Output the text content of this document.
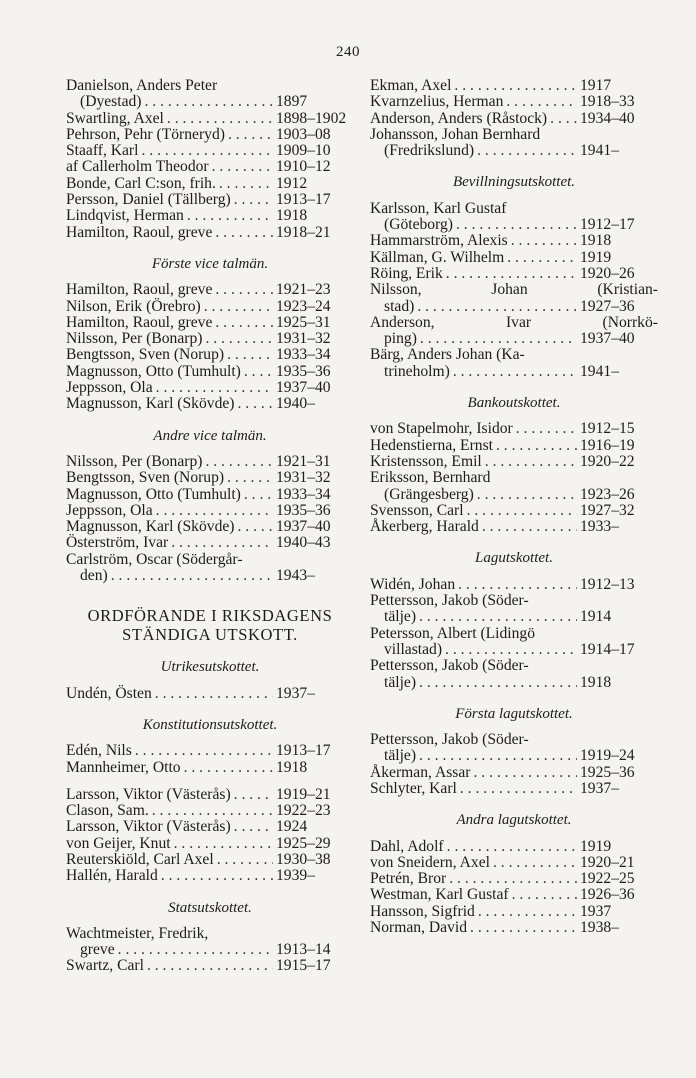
240
Danielson, Anders Peter
(Dyestad) . . .	1897
Swartling, Axel . . .	1898–1902
Pehrson, Pehr (Törneryd) . . .	1903–08
Staaff, Karl . . .	1909–10
af Callerholm Theodor . . .	1910–12
Bonde, Carl C:son, frih. . . .	1912
Persson, Daniel (Tällberg) . . .	1913–17
Lindqvist, Herman . . .	1918
Hamilton, Raoul, greve . . .	1918–21
Förste vice talmän.
Hamilton, Raoul, greve . . .	1921–23
Nilson, Erik (Örebro) . . .	1923–24
Hamilton, Raoul, greve . . .	1925–31
Nilsson, Per (Bonarp) . . .	1931–32
Bengtsson, Sven (Norup) . . .	1933–34
Magnusson, Otto (Tumhult) . . . 1935–36
Jeppsson, Ola . . .	1937–40
Magnusson, Karl (Skövde) . . .	1940–
Andre vice talmän.
Nilsson, Per (Bonarp) . . .	1921–31
Bengtsson, Sven (Norup) . . .	1931–32
Magnusson, Otto (Tumhult) . . . 1933–34
Jeppsson, Ola . . .	1935–36
Magnusson, Karl (Skövde) . . .	1937–40
Österström, Ivar . . .	1940–43
Carlström, Oscar (Södergår-
den) . . .	1943–
ORDFÖRANDE I RIKSDAGENS
STÄNDIGA UTSKOTT.
Utrikesutskottet.
Undén, Östen . . .	1937–
Konstitutionsutskottet.
Edén, Nils . . .	1913–17
Mannheimer, Otto . . .	1918
Larsson, Viktor (Västerås) . . .	1919–21
Clason, Sam. . . .	1922–23
Larsson, Viktor (Västerås) . . .	1924
von Geijer, Knut . . .	1925–29
Reuterskiöld, Carl Axel . . .	1930–38
Hallén, Harald . . .	1939–
Statsutskottet.
Wachtmeister, Fredrik,
greve . . .	1913–14
Swartz, Carl . . .	1915–17
Ekman, Axel . . .	1917
Kvarnzelius, Herman . . .	1918–33
Anderson, Anders (Råstock) . . . 1934–40
Johansson, Johan Bernhard
(Fredrikslund) . . .	1941–
Bevillningsutskottet.
Karlsson, Karl Gustaf
(Göteborg) . . .	1912–17
Hammarström, Alexis . . .	1918
Källman, G. Wilhelm . . .	1919
Röing, Erik . . .	1920–26
Nilsson,	Johan	(Kristian-
stad) . . .	1927–36
Anderson,	Ivar	(Norrkö-
ping) . . .	1937–40
Bärg, Anders Johan (Ka-
trineholm) . . .	1941–
Bankoutskottet.
von Stapelmohr, Isidor . . .	1912–15
Hedenstierna, Ernst . . .	1916–19
Kristensson, Emil . . .	1920–22
Eriksson, Bernhard
(Grängesberg) . . .	1923–26
Svensson, Carl . . .	1927–32
Åkerberg, Harald . . .	1933–
Lagutskottet.
Widén, Johan . . .	1912–13
Pettersson, Jakob (Söder-
tälje) . . .	1914
Petersson, Albert (Lidingö
villastad) . . .	1914–17
Pettersson, Jakob (Söder-
tälje) . . .	1918
Första lagutskottet.
Pettersson, Jakob (Söder-
tälje) . . .	1919–24
Åkerman, Assar . . .	1925–36
Schlyter, Karl . . .	1937–
Andra lagutskottet.
Dahl, Adolf . . .	1919
von Sneidern, Axel . . .	1920–21
Petrén, Bror . . .	1922–25
Westman, Karl Gustaf . . .	1926–36
Hansson, Sigfrid . . .	1937
Norman, David . . .	1938–
